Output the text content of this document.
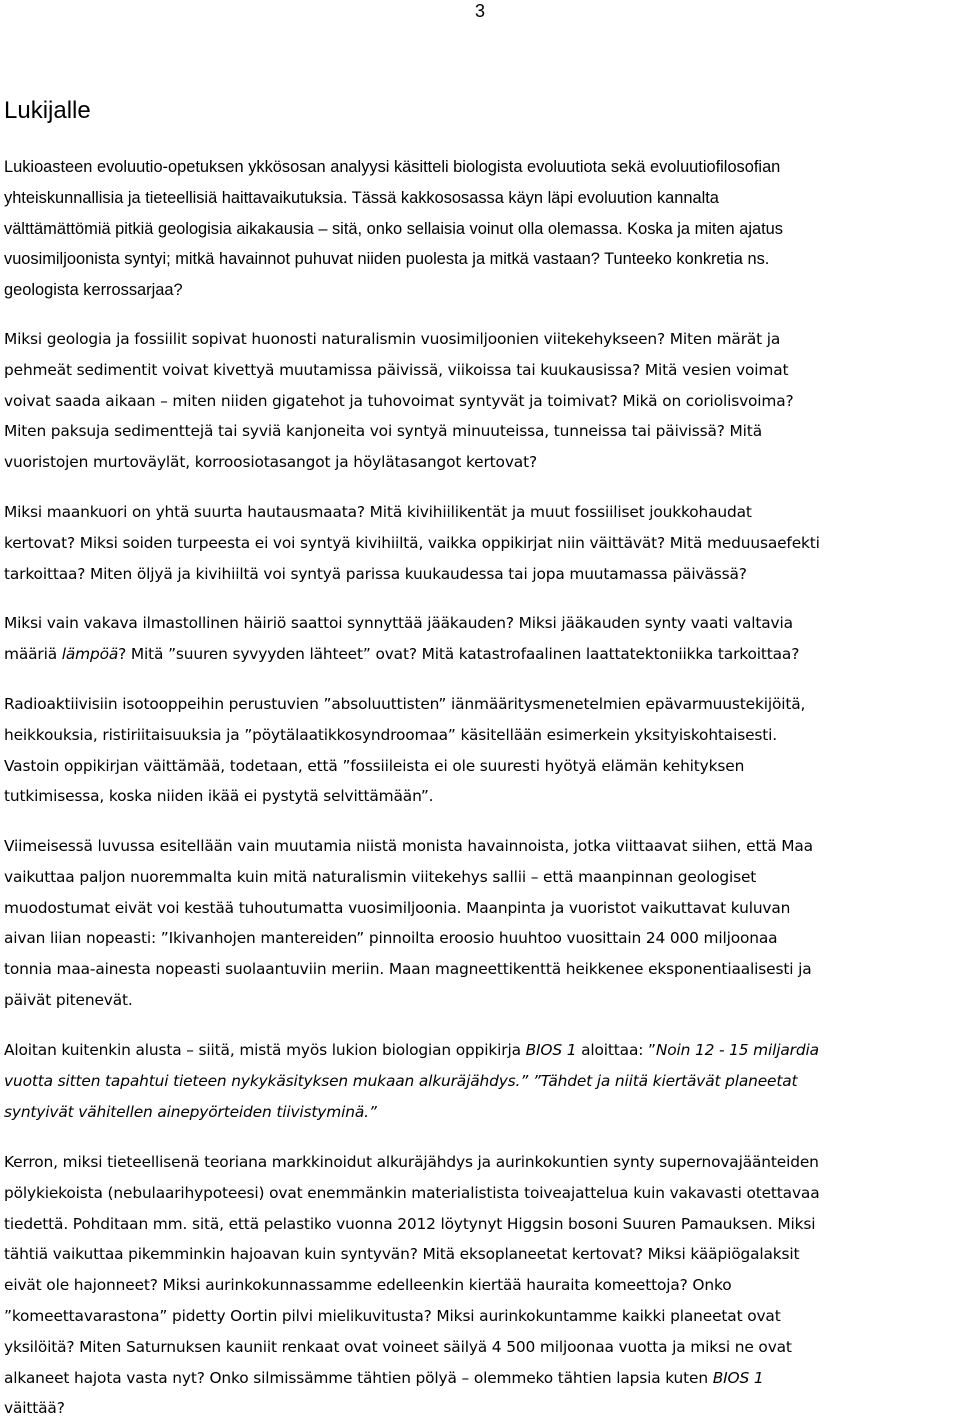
3
Lukijalle

Lukioasteen evoluutio-opetuksen ykkösosan analyysi käsitteli biologista evoluutiota sekä evoluutiofilosofian
yhteiskunnallisia ja tieteellisiä haittavaikutuksia. Tässä kakkososassa käyn läpi evoluution kannalta
välttämättömiä pitkiä geologisia aikakausia – sitä, onko sellaisia voinut olla olemassa. Koska ja miten ajatus
vuosimiljoonista syntyi; mitkä havainnot puhuvat niiden puolesta ja mitkä vastaan? Tunteeko konkretia ns.
geologista kerrossarjaa?

Miksi geologia ja fossiilit sopivat huonosti naturalismin vuosimiljoonien viitekehykseen? Miten märät ja
pehmeät sedimentit voivat kivettyä muutamissa päivissä, viikoissa tai kuukausissa? Mitä vesien voimat
voivat saada aikaan – miten niiden gigatehot ja tuhovoimat syntyvät ja toimivat? Mikä on coriolisvoima?
Miten paksuja sedimenttejä tai syviä kanjoneita voi syntyä minuuteissa, tunneissa tai päivissä? Mitä
vuoristojen murtoväylät, korroosiotasangot ja höylätasangot kertovat?

Miksi maankuori on yhtä suurta hautausmaata? Mitä kivihiilikentät ja muut fossiiliset joukkohaudat
kertovat? Miksi soiden turpeesta ei voi syntyä kivihiiltä, vaikka oppikirjat niin väittävät? Mitä meduusaefekti
tarkoittaa? Miten öljyä ja kivihiiltä voi syntyä parissa kuukaudessa tai jopa muutamassa päivässä?

Miksi vain vakava ilmastollinen häiriö saattoi synnyttää jääkauden? Miksi jääkauden synty vaati valtavia
määriä lämpöä? Mitä ”suuren syvyyden lähteet” ovat? Mitä katastrofaalinen laattatektoniikka tarkoittaa?

Radioaktiivisiin isotooppeihin perustuvien ”absoluuttisten” iänmääritysmenetelmien epävarmuustekijöitä,
heikkouksia, ristiriitaisuuksia ja ”pöytälaatikkosyndroomaa” käsitellään esimerkein yksityiskohtaisesti.
Vastoin oppikirjan väittämää, todetaan, että ”fossiileista ei ole suuresti hyötyä elämän kehityksen
tutkimisessa, koska niiden ikää ei pystytä selvittämään”.

Viimeisessä luvussa esitellään vain muutamia niistä monista havainnoista, jotka viittaavat siihen, että Maa
vaikuttaa paljon nuoremmalta kuin mitä naturalismin viitekehys sallii – että maanpinnan geologiset
muodostumat eivät voi kestää tuhoutumatta vuosimiljoonia. Maanpinta ja vuoristot vaikuttavat kuluvan
aivan liian nopeasti: ”Ikivanhojen mantereiden” pinnoilta eroosio huuhtoo vuosittain 24 000 miljoonaa
tonnia maa-ainesta nopeasti suolaantuviin meriin. Maan magneettikenttä heikkenee eksponentiaalisesti ja
päivät pitenevät.

Aloitan kuitenkin alusta – siitä, mistä myös lukion biologian oppikirja BIOS 1 aloittaa: ”Noin 12 - 15 miljardia
vuotta sitten tapahtui tieteen nykykäsityksen mukaan alkuräjähdys.” ”Tähdet ja niitä kiertävät planeetat
syntyivät vähitellen ainepyörteiden tiivistyminä.”

Kerron, miksi tieteellisenä teoriana markkinoidut alkuräjähdys ja aurinkokuntien synty supernovajäänteiden
pölykiekoista (nebulaarihypoteesi) ovat enemmänkin materialistista toiveajattelua kuin vakavasti otettavaa
tiedettä. Pohditaan mm. sitä, että pelastiko vuonna 2012 löytynyt Higgsin bosoni Suuren Pamauksen. Miksi
tähtiä vaikuttaa pikemminkin hajoavan kuin syntyvän? Mitä eksoplaneetat kertovat? Miksi kääpiögalaksit
eivät ole hajonneet? Miksi aurinkokunnassamme edelleenkin kiertää hauraita komeettoja? Onko
”komeettavarastona” pidetty Oortin pilvi mielikuvitusta? Miksi aurinkokuntamme kaikki planeetat ovat
yksilöitä? Miten Saturnuksen kauniit renkaat ovat voineet säilyä 4 500 miljoonaa vuotta ja miksi ne ovat
alkaneet hajota vasta nyt? Onko silmissämme tähtien pölyä – olemmeko tähtien lapsia kuten BIOS 1
väittää?
